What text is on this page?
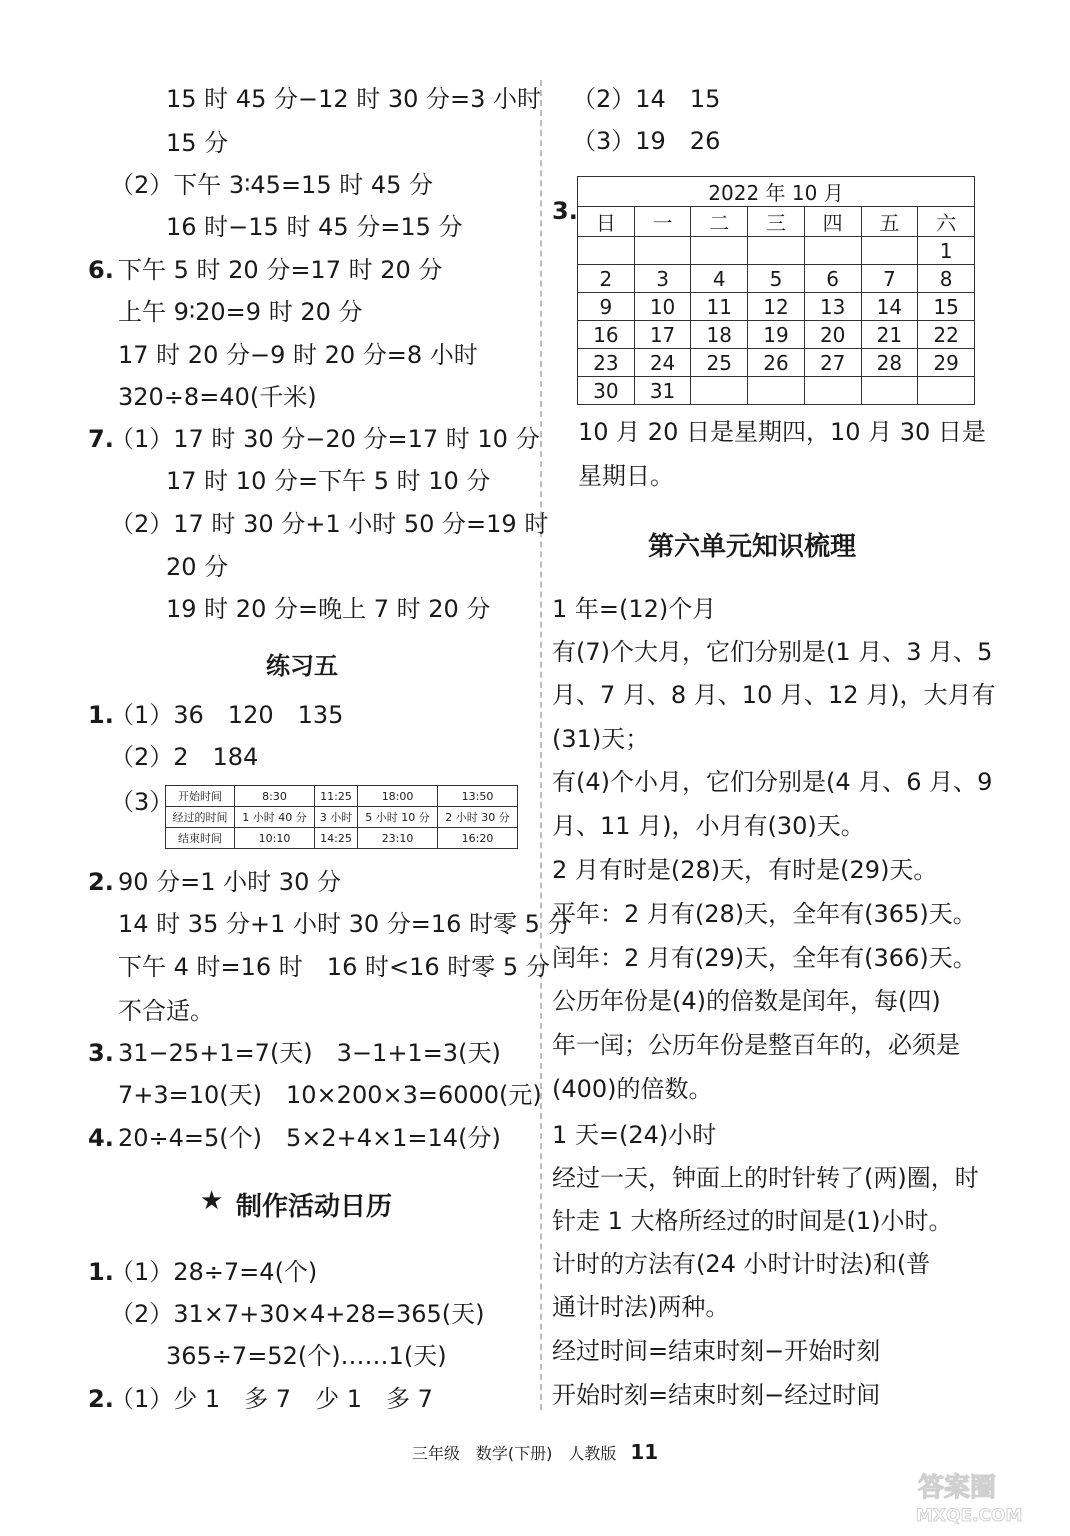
15 时 45 分−12 时 30 分=3 小时
15 分
（2）下午 3∶45=15 时 45 分
16 时−15 时 45 分=15 分
6. 下午 5 时 20 分=17 时 20 分
上午 9∶20=9 时 20 分
17 时 20 分−9 时 20 分=8 小时
320÷8=40(千米)
7.
（1）17 时 30 分−20 分=17 时 10 分
17 时 10 分=下午 5 时 10 分
（2）17 时 30 分+1 小时 50 分=19 时
20 分
19 时 20 分=晚上 7 时 20 分
练习五
1.
（1）36　120　135
（2）2　184
（3） 开始时间	8:30	11:25	18:00	13:50
经过的时间	1 小时 40 分	3 小时	5 小时 10 分	2 小时 30 分
结束时间	10:10	14:25	23:10	16:20
2. 90 分=1 小时 30 分
14 时 35 分+1 小时 30 分=16 时零 5 分
下午 4 时=16 时　16 时<16 时零 5 分
不合适。
3. 31−25+1=7(天)　3−1+1=3(天)
7+3=10(天)　10×200×3=6000(元)
4. 20÷4=5(个)　5×2+4×1=14(分)
★ 制作活动日历
1.
（1）28÷7=4(个)
（2）31×7+30×4+28=365(天)
365÷7=52(个)……1(天)
2.
（1）少 1　多 7　少 1　多 7
（2）14　15
（3）19　26
3.
2022 年 10 月						
日	一	二	三	四	五	六
						1
2	3	4	5	6	7	8
9	10	11	12	13	14	15
16	17	18	19	20	21	22
23	24	25	26	27	28	29
30	31					
10 月 20 日是星期四，10 月 30 日是
星期日。
第六单元知识梳理
1 年=(12)个月
有(7)个大月，它们分别是(1 月、3 月、5
月、7 月、8 月、10 月、12 月)，大月有
(31)天；
有(4)个小月，它们分别是(4 月、6 月、9
月、11 月)，小月有(30)天。
2 月有时是(28)天，有时是(29)天。
平年：2 月有(28)天，全年有(365)天。
闰年：2 月有(29)天，全年有(366)天。
公历年份是(4)的倍数是闰年，每(四)
年一闰；公历年份是整百年的，必须是
(400)的倍数。
1 天=(24)小时
经过一天，钟面上的时针转了(两)圈，时
针走 1 大格所经过的时间是(1)小时。
计时的方法有(24 小时计时法)和(普
通计时法)两种。
经过时间=结束时刻−开始时刻
开始时刻=结束时刻−经过时间
三年级　数学(下册)　人教版 11
答案圈
MXQE.COM
